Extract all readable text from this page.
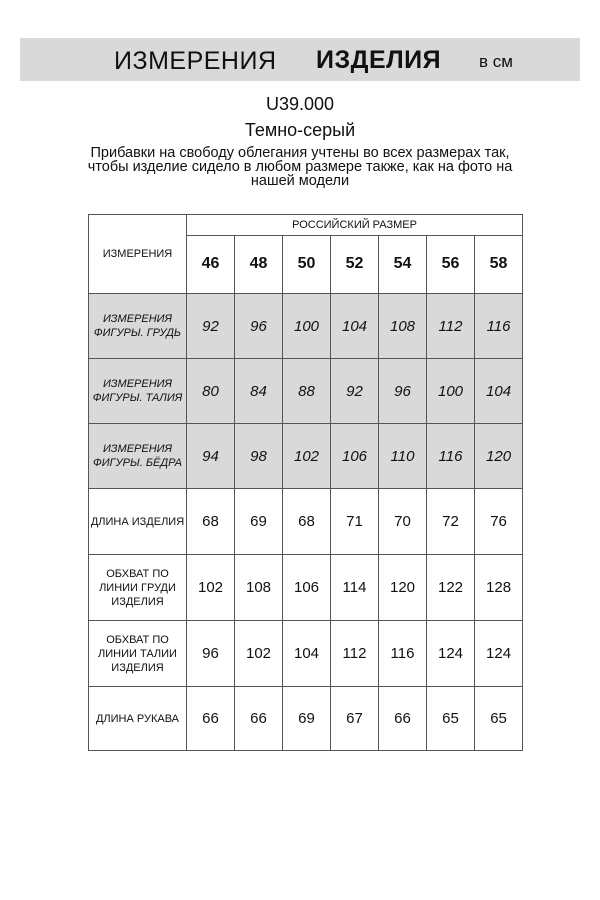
ИЗМЕРЕНИЯ ИЗДЕЛИЯ в см
U39.000
Темно-серый
Прибавки на свободу облегания учтены во всех размерах так,
чтобы изделие сидело в любом размере также, как на фото на
нашей модели
ИЗМЕРЕНИЯ	РОССИЙСКИЙ РАЗМЕР						
	46	48	50	52	54	56	58

ИЗМЕРЕНИЯ
ФИГУРЫ. ГРУДЬ	92	96	100	104	108	112	116

ИЗМЕРЕНИЯ
ФИГУРЫ. ТАЛИЯ	80	84	88	92	96	100	104

ИЗМЕРЕНИЯ
ФИГУРЫ. БЁДРА	94	98	102	106	110	116	120

ДЛИНА ИЗДЕЛИЯ	68	69	68	71	70	72	76

ОБХВАТ ПО
ЛИНИИ ГРУДИ
ИЗДЕЛИЯ	102	108	106	114	120	122	128

ОБХВАТ ПО
ЛИНИИ ТАЛИИ
ИЗДЕЛИЯ	96	102	104	112	116	124	124

ДЛИНА РУКАВА	66	66	69	67	66	65	65
